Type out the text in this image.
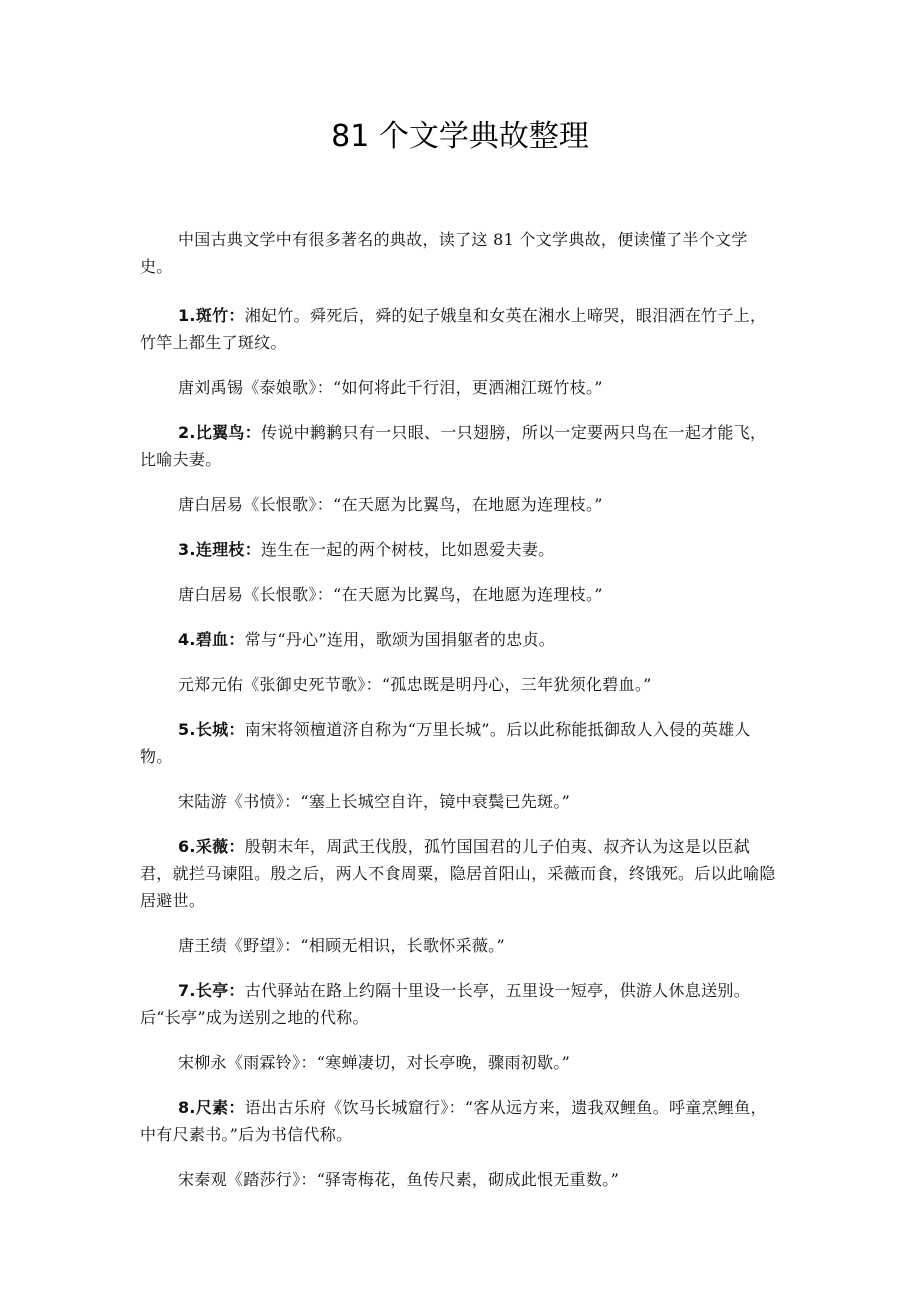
81 个文学典故整理

中国古典文学中有很多著名的典故，读了这 81 个文学典故，便读懂了半个文学史。

1.斑竹：湘妃竹。舜死后，舜的妃子娥皇和女英在湘水上啼哭，眼泪洒在竹子上，竹竿上都生了斑纹。

唐刘禹锡《泰娘歌》：“如何将此千行泪，更洒湘江斑竹枝。”

2.比翼鸟：传说中鹣鹣只有一只眼、一只翅膀，所以一定要两只鸟在一起才能飞，比喻夫妻。

唐白居易《长恨歌》：“在天愿为比翼鸟，在地愿为连理枝。”

3.连理枝：连生在一起的两个树枝，比如恩爱夫妻。

唐白居易《长恨歌》：“在天愿为比翼鸟，在地愿为连理枝。”

4.碧血：常与“丹心”连用，歌颂为国捐躯者的忠贞。

元郑元佑《张御史死节歌》：“孤忠既是明丹心，三年犹须化碧血。”

5.长城：南宋将领檀道济自称为“万里长城”。后以此称能抵御敌人入侵的英雄人物。

宋陆游《书愤》：“塞上长城空自许，镜中衰鬓已先斑。”

6.采薇：殷朝末年，周武王伐殷，孤竹国国君的儿子伯夷、叔齐认为这是以臣弑君，就拦马谏阻。殷之后，两人不食周粟，隐居首阳山，采薇而食，终饿死。后以此喻隐居避世。

唐王绩《野望》：“相顾无相识，长歌怀采薇。”

7.长亭：古代驿站在路上约隔十里设一长亭，五里设一短亭，供游人休息送别。后“长亭”成为送别之地的代称。

宋柳永《雨霖铃》：“寒蝉凄切，对长亭晚，骤雨初歇。”

8.尺素：语出古乐府《饮马长城窟行》：“客从远方来，遗我双鲤鱼。呼童烹鲤鱼，中有尺素书。”后为书信代称。

宋秦观《踏莎行》：“驿寄梅花，鱼传尺素，砌成此恨无重数。”
